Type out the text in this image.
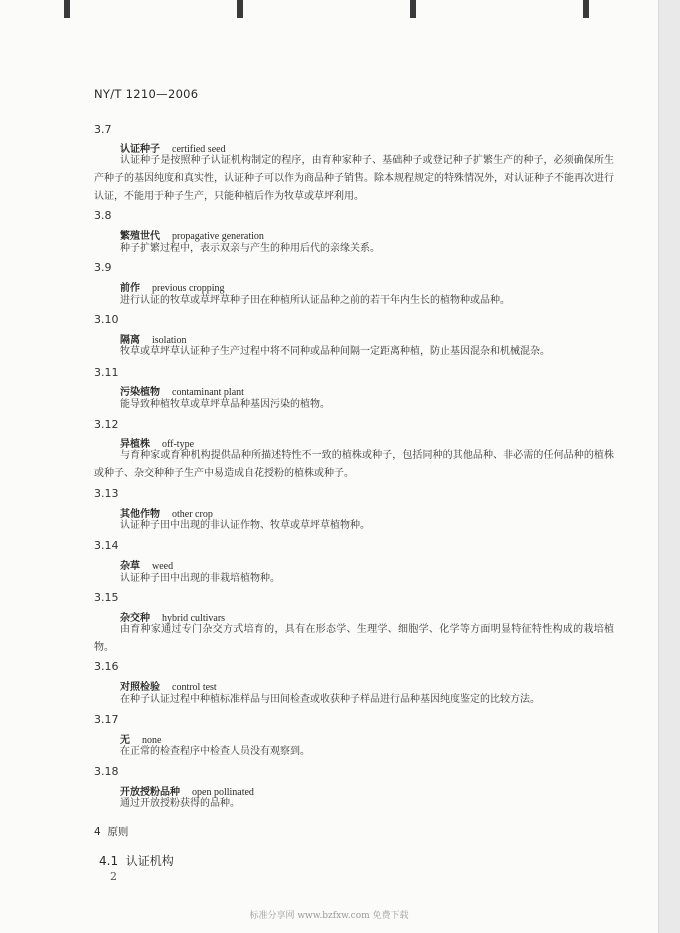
NY/T 1210—2006
3.7
认证种子 certified seed
认证种子是按照种子认证机构制定的程序，由育种家种子、基础种子或登记种子扩繁生产的种子，必须确保所生产种子的基因纯度和真实性，认证种子可以作为商品种子销售。除本规程规定的特殊情况外，对认证种子不能再次进行认证，不能用于种子生产，只能种植后作为牧草或草坪利用。
3.8
繁殖世代 propagative generation
种子扩繁过程中，表示双亲与产生的种用后代的亲缘关系。
3.9
前作 previous cropping
进行认证的牧草或草坪草种子田在种植所认证品种之前的若干年内生长的植物种或品种。
3.10
隔离 isolation
牧草或草坪草认证种子生产过程中将不同种或品种间隔一定距离种植，防止基因混杂和机械混杂。
3.11
污染植物 contaminant plant
能导致种植牧草或草坪草品种基因污染的植物。
3.12
异植株 off-type
与育种家或育种机构提供品种所描述特性不一致的植株或种子，包括同种的其他品种、非必需的任何品种的植株或种子、杂交种种子生产中易造成自花授粉的植株或种子。
3.13
其他作物 other crop
认证种子田中出现的非认证作物、牧草或草坪草植物种。
3.14
杂草 weed
认证种子田中出现的非栽培植物种。
3.15
杂交种 hybrid cultivars
由育种家通过专门杂交方式培育的，具有在形态学、生理学、细胞学、化学等方面明显特征特性构成的栽培植物。
3.16
对照检验 control test
在种子认证过程中种植标准样品与田间检查或收获种子样品进行品种基因纯度鉴定的比较方法。
3.17
无 none
在正常的检查程序中检查人员没有观察到。
3.18
开放授粉品种 open pollinated
通过开放授粉获得的品种。
4 原则
4.1 认证机构
2
标准分享网 www.bzfxw.com 免费下载
